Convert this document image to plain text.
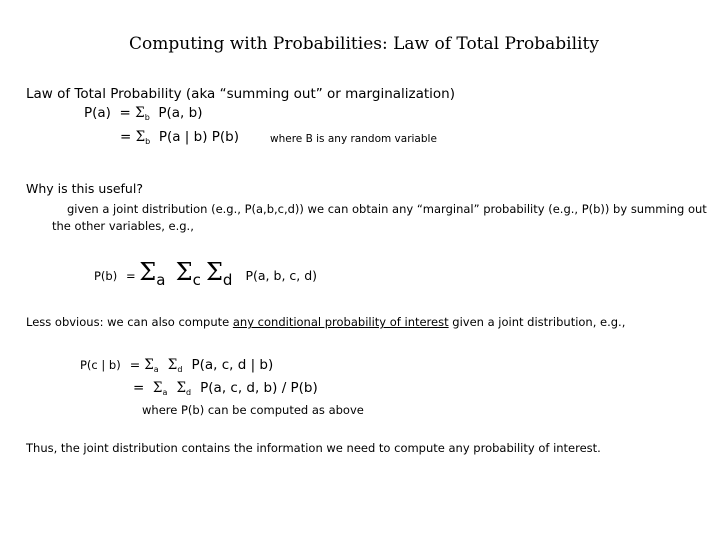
Computing with Probabilities: Law of Total Probability
Law of Total Probability (aka “summing out” or marginalization)
$P(a) = \Sigma_b$ P(a, b)
= $\Sigma_b$ P(a | b) P(b)	where B is any random variable
Why is this useful?
given a joint distribution (e.g., P(a,b,c,d)) we can obtain any “marginal” probability (e.g., P(b)) by summing out
the other variables, e.g.,
P(b)  = Σa Σc Σd P(a, b, c, d)
Less obvious: we can also compute any conditional probability of interest given a joint distribution, e.g.,
P(c | b)  = Σa Σd P(a, c, d | b)
=  Σa Σd P(a, c, d, b) / P(b)
where P(b) can be computed as above
Thus, the joint distribution contains the information we need to compute any probability of interest.
